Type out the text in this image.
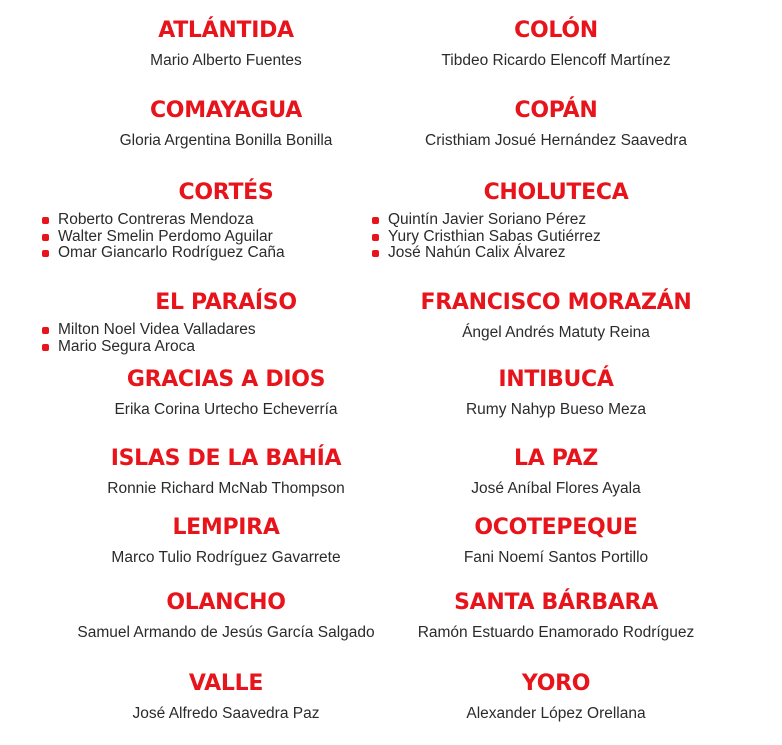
ATLÁNTIDA
Mario Alberto Fuentes
COLÓN
Tibdeo Ricardo Elencoff Martínez
COMAYAGUA
Gloria Argentina Bonilla Bonilla
COPÁN
Cristhiam Josué Hernández Saavedra
CORTÉS
Roberto Contreras Mendoza
Walter Smelin Perdomo Aguilar
Omar Giancarlo Rodríguez Caña
CHOLUTECA
Quintín Javier Soriano Pérez
Yury Cristhian Sabas Gutiérrez
José Nahún Calix Álvarez
EL PARAÍSO
Milton Noel Videa Valladares
Mario Segura Aroca
FRANCISCO MORAZÁN
Ángel Andrés Matuty Reina
GRACIAS A DIOS
Erika Corina Urtecho Echeverría
INTIBUCÁ
Rumy Nahyp Bueso Meza
ISLAS DE LA BAHÍA
Ronnie Richard McNab Thompson
LA PAZ
José Aníbal Flores Ayala
LEMPIRA
Marco Tulio Rodríguez Gavarrete
OCOTEPEQUE
Fani Noemí Santos Portillo
OLANCHO
Samuel Armando de Jesús García Salgado
SANTA BÁRBARA
Ramón Estuardo Enamorado Rodríguez
VALLE
José Alfredo Saavedra Paz
YORO
Alexander López Orellana
